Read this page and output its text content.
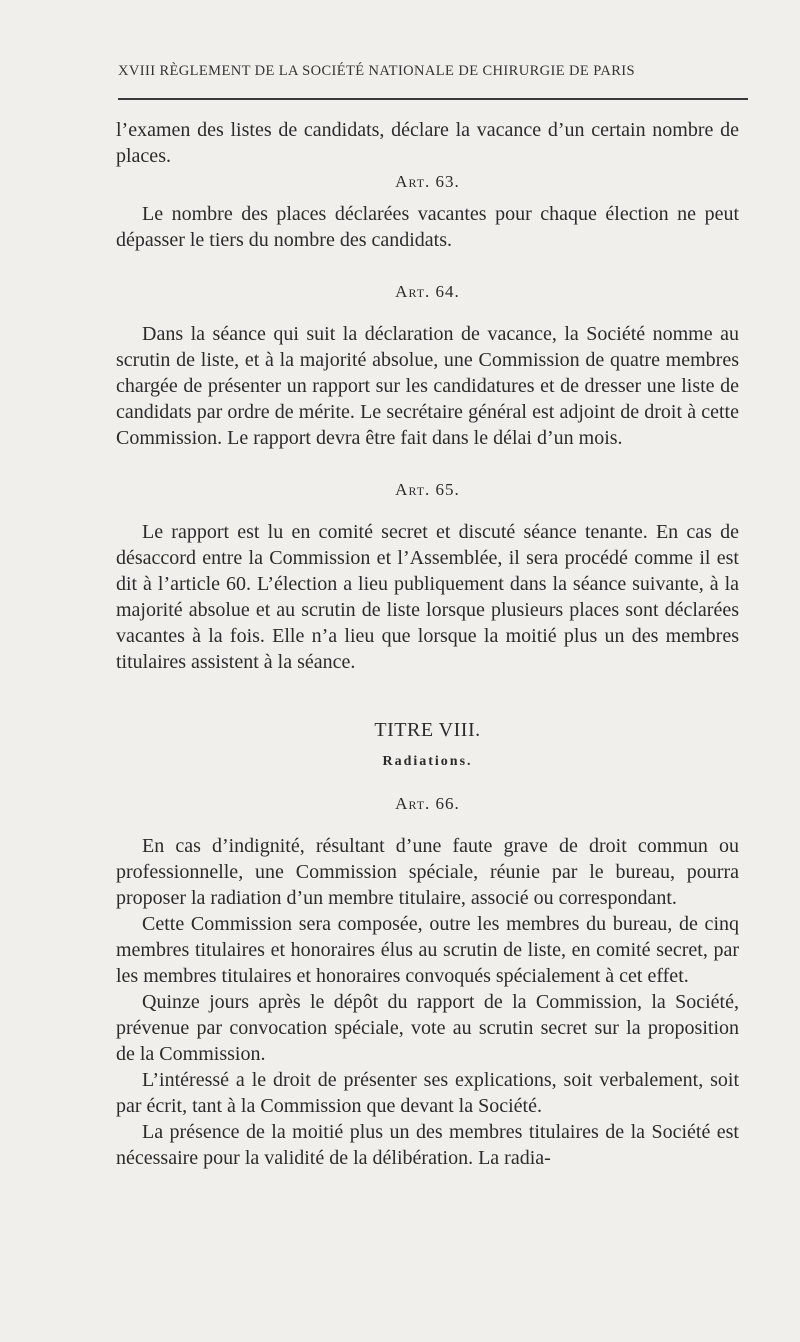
XVIII RÈGLEMENT DE LA SOCIÉTÉ NATIONALE DE CHIRURGIE DE PARIS

l’examen des listes de candidats, déclare la vacance d’un certain nombre de places.

Art. 63.

Le nombre des places déclarées vacantes pour chaque élection ne peut dépasser le tiers du nombre des candidats.

Art. 64.

Dans la séance qui suit la déclaration de vacance, la Société nomme au scrutin de liste, et à la majorité absolue, une Commission de quatre membres chargée de présenter un rapport sur les candidatures et de dresser une liste de candidats par ordre de mérite. Le secrétaire général est adjoint de droit à cette Commission. Le rapport devra être fait dans le délai d’un mois.

Art. 65.

Le rapport est lu en comité secret et discuté séance tenante. En cas de désaccord entre la Commission et l’Assemblée, il sera procédé comme il est dit à l’article 60. L’élection a lieu publiquement dans la séance suivante, à la majorité absolue et au scrutin de liste lorsque plusieurs places sont déclarées vacantes à la fois. Elle n’a lieu que lorsque la moitié plus un des membres titulaires assistent à la séance.

TITRE VIII.

Radiations.

Art. 66.

En cas d’indignité, résultant d’une faute grave de droit commun ou professionnelle, une Commission spéciale, réunie par le bureau, pourra proposer la radiation d’un membre titulaire, associé ou correspondant.

Cette Commission sera composée, outre les membres du bureau, de cinq membres titulaires et honoraires élus au scrutin de liste, en comité secret, par les membres titulaires et honoraires convoqués spécialement à cet effet.

Quinze jours après le dépôt du rapport de la Commission, la Société, prévenue par convocation spéciale, vote au scrutin secret sur la proposition de la Commission.

L’intéressé a le droit de présenter ses explications, soit verbalement, soit par écrit, tant à la Commission que devant la Société.

La présence de la moitié plus un des membres titulaires de la Société est nécessaire pour la validité de la délibération. La radia-
